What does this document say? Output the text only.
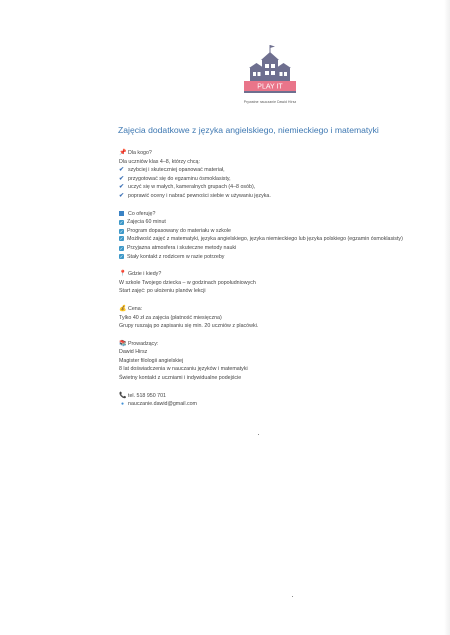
PLAY IT
Prywatne nauczanie Dawid Hirsz
Zajęcia dodatkowe z języka angielskiego, niemieckiego i matematyki
📌 Dla kogo?
Dla uczniów klas 4–8, którzy chcą:
✔ szybciej i skuteczniej opanować materiał,
✔ przygotować się do egzaminu ósmoklasisty,
✔ uczyć się w małych, kameralnych grupach (4–8 osób),
✔ poprawić oceny i nabrać pewności siebie w używaniu języka.
Co oferuję?
✓ Zajęcia 60 minut
✓ Program dopasowany do materiału w szkole
✓ Możliwość zajęć z matematyki, języka angielskiego, języka niemieckiego lub języka polskiego (egzamin ósmoklasisty)
✓ Przyjazna atmosfera i skuteczne metody nauki
✓ Stały kontakt z rodzicem w razie potrzeby
📍 Gdzie i kiedy?
W szkole Twojego dziecka – w godzinach popołudniowych
Start zajęć: po ułożeniu planów lekcji
💰 Cena:
Tylko 40 zł za zajęcia (płatność miesięczna)
Grupy ruszają po zapisaniu się min. 20 uczniów z placówki.
📚 Prowadzący:
Dawid Hirsz
Magister filologii angielskiej
8 lat doświadczenia w nauczaniu języków i matematyki
Świetny kontakt z uczniami i indywidualne podejście
📞 tel. 518 950 701
● nauczanie.dawid@gmail.com
